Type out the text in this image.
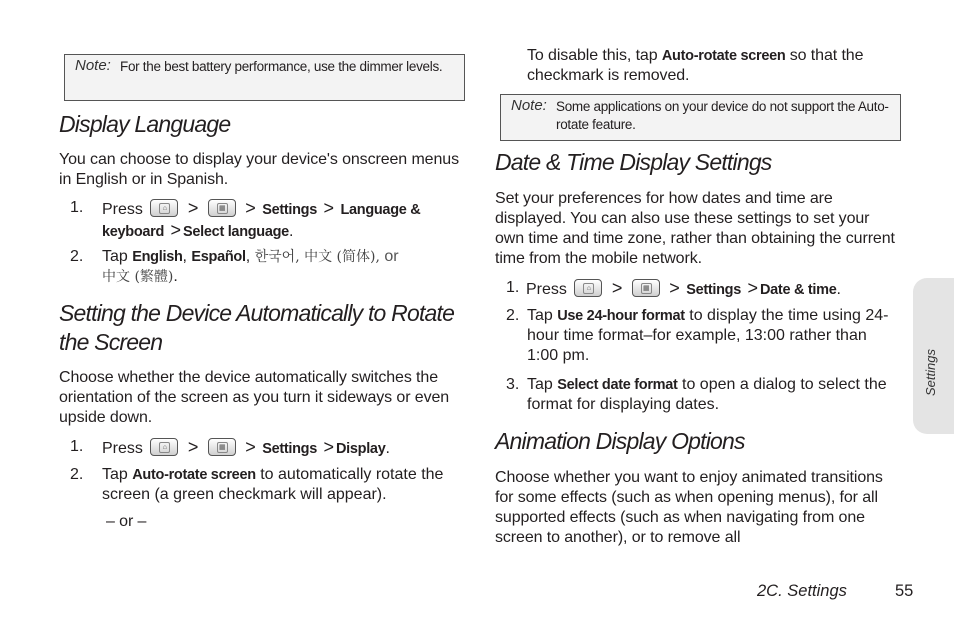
Note: For the best battery performance, use the dimmer levels.
Display Language

You can choose to display your device's onscreen menus in English or in Spanish.

1. Press	⌂ >	▦ > Settings > Language & keyboard > Select language.
2. Tap English, Español, 한국어, 中文 (简体), or
中文 (繁體).
Setting the Device Automatically to Rotate the Screen

Choose whether the device automatically switches the orientation of the screen as you turn it sideways or even upside down.

1. Press	⌂ >	▦ > Settings > Display.
2. Tap Auto-rotate screen to automatically rotate the screen (a green checkmark will appear).

– or –

To disable this, tap Auto-rotate screen so that the checkmark is removed.

Note: Some applications on your device do not support the Auto-rotate feature.
Date & Time Display Settings

Set your preferences for how dates and time are displayed. You can also use these settings to set your own time and time zone, rather than obtaining the current time from the mobile network.

1. Press	⌂ >	▦ > Settings > Date & time.
2. Tap Use 24-hour format to display the time using 24-hour time format–for example, 13:00 rather than 1:00 pm.
3. Tap Select date format to open a dialog to select the format for displaying dates.
Animation Display Options

Choose whether you want to enjoy animated transitions for some effects (such as when opening menus), for all supported effects (such as when navigating from one screen to another), or to remove all

Settings
2C. Settings	55
